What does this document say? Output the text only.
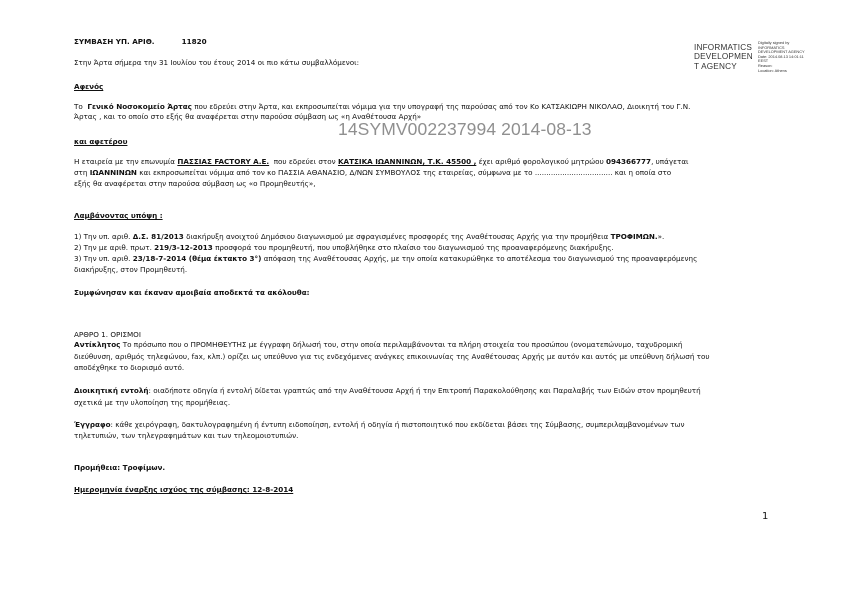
ΣΥΜΒΑΣΗ ΥΠ. ΑΡΙΘ.	11820
INFORMATICS
DEVELOPMEN
T AGENCY
Digitally signed by
INFORMATICS
DEVELOPMENT AGENCY
Date: 2014.08.13 14:01:11
EEST
Reason:
Location: Athens
Στην Άρτα σήμερα την 31 Ιουλίου του έτους 2014 οι πιο κάτω συμβαλλόμενοι:
Αφενός
Το Γενικό Νοσοκομείο Άρτας που εδρεύει στην Άρτα, και εκπροσωπείται νόμιμα για την υπογραφή της παρούσας από τον Κο ΚΑΤΣΑΚΙΩΡΗ ΝΙΚΟΛΑΟ, Διοικητή του Γ.Ν.
Άρτας , και το οποίο στο εξής θα αναφέρεται στην παρούσα σύμβαση ως «η Αναθέτουσα Αρχή»
14SYMV002237994 2014-08-13
και αφετέρου
Η εταιρεία με την επωνυμία ΠΑΣΣΙΑΣ FACTORY Α.Ε. που εδρεύει στον ΚΑΤΣΙΚΑ ΙΩΑΝΝΙΝΩΝ, Τ.Κ. 45500 , έχει αριθμό φορολογικού μητρώου 094366777, υπάγεται
στη ΙΩΑΝΝΙΝΩΝ και εκπροσωπείται νόμιμα από τον κο ΠΑΣΣΙΑ ΑΘΑΝΑΣΙΟ, Δ/ΝΩΝ ΣΥΜΒΟΥΛΟΣ της εταιρείας, σύμφωνα με το .................................. και η οποία στο
εξής θα αναφέρεται στην παρούσα σύμβαση ως «ο Προμηθευτής»,
Λαμβάνοντας υπόψη :
1) Την υπ. αριθ. Δ.Σ. 81/2013 διακήρυξη ανοιχτού Δημόσιου διαγωνισμού με σφραγισμένες προσφορές της Αναθέτουσας Αρχής για την προμήθεια ΤΡΟΦΙΜΩΝ.».
2) Την με αριθ. πρωτ. 219/3-12-2013 προσφορά του προμηθευτή, που υποβλήθηκε στο πλαίσιο του διαγωνισμού της προαναφερόμενης διακήρυξης.
3) Την υπ. αριθ. 23/18-7-2014 (θέμα έκτακτο 3°) απόφαση της Αναθέτουσας Αρχής, με την οποία κατακυρώθηκε το αποτέλεσμα του διαγωνισμού της προαναφερόμενης
διακήρυξης, στον Προμηθευτή.
Συμφώνησαν και έκαναν αμοιβαία αποδεκτά τα ακόλουθα:
ΑΡΘΡΟ 1. ΟΡΙΣΜΟΙ
Αντίκλητος Το πρόσωπο που ο ΠΡΟΜΗΘΕΥΤΗΣ με έγγραφη δήλωσή του, στην οποία περιλαμβάνονται τα πλήρη στοιχεία του προσώπου (ονοματεπώνυμο, ταχυδρομική
διεύθυνση, αριθμός τηλεφώνου, fax, κλπ.) ορίζει ως υπεύθυνο για τις ενδεχόμενες ανάγκες επικοινωνίας της Αναθέτουσας Αρχής με αυτόν και αυτός με υπεύθυνη δήλωσή του
αποδέχθηκε το διορισμό αυτό.
Διοικητική εντολή: οιαδήποτε οδηγία ή εντολή δίδεται γραπτώς από την Αναθέτουσα Αρχή ή την Επιτροπή Παρακολούθησης και Παραλαβής των Ειδών στον προμηθευτή
σχετικά με την υλοποίηση της προμήθειας.
Έγγραφο: κάθε χειρόγραφη, δακτυλογραφημένη ή έντυπη ειδοποίηση, εντολή ή οδηγία ή πιστοποιητικό που εκδίδεται βάσει της Σύμβασης, συμπεριλαμβανομένων των
τηλετυπιών, των τηλεγραφημάτων και των τηλεομοιοτυπιών.
Προμήθεια: Τροφίμων.
Ημερομηνία έναρξης ισχύος της σύμβασης: 12-8-2014
1
